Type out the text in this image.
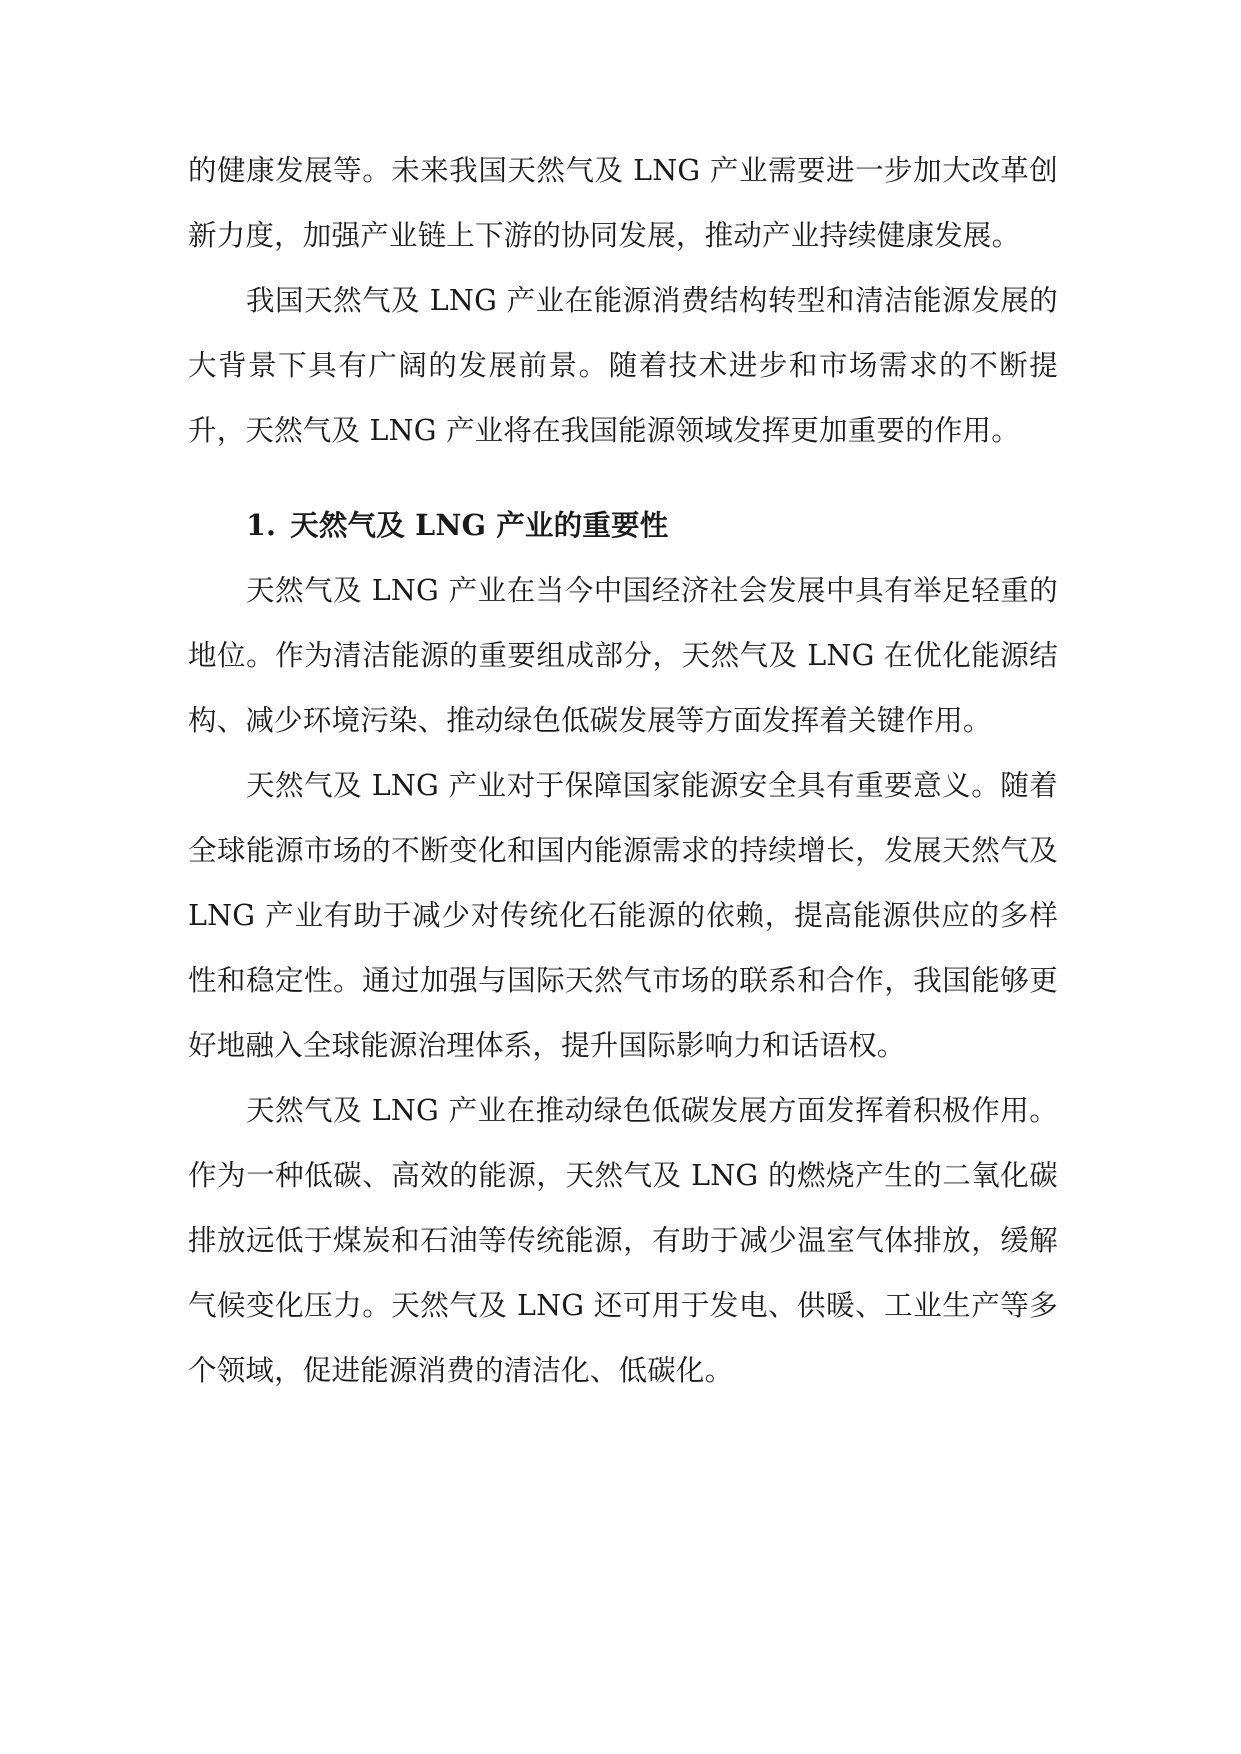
的健康发展等。未来我国天然气及 LNG 产业需要进一步加大改革创新力度，加强产业链上下游的协同发展，推动产业持续健康发展。

我国天然气及 LNG 产业在能源消费结构转型和清洁能源发展的大背景下具有广阔的发展前景。随着技术进步和市场需求的不断提升，天然气及 LNG 产业将在我国能源领域发挥更加重要的作用。

1. 天然气及 LNG 产业的重要性

天然气及 LNG 产业在当今中国经济社会发展中具有举足轻重的地位。作为清洁能源的重要组成部分，天然气及 LNG 在优化能源结构、减少环境污染、推动绿色低碳发展等方面发挥着关键作用。

天然气及 LNG 产业对于保障国家能源安全具有重要意义。随着全球能源市场的不断变化和国内能源需求的持续增长，发展天然气及 LNG 产业有助于减少对传统化石能源的依赖，提高能源供应的多样性和稳定性。通过加强与国际天然气市场的联系和合作，我国能够更好地融入全球能源治理体系，提升国际影响力和话语权。

天然气及 LNG 产业在推动绿色低碳发展方面发挥着积极作用。作为一种低碳、高效的能源，天然气及 LNG 的燃烧产生的二氧化碳排放远低于煤炭和石油等传统能源，有助于减少温室气体排放，缓解气候变化压力。天然气及 LNG 还可用于发电、供暖、工业生产等多个领域，促进能源消费的清洁化、低碳化。
